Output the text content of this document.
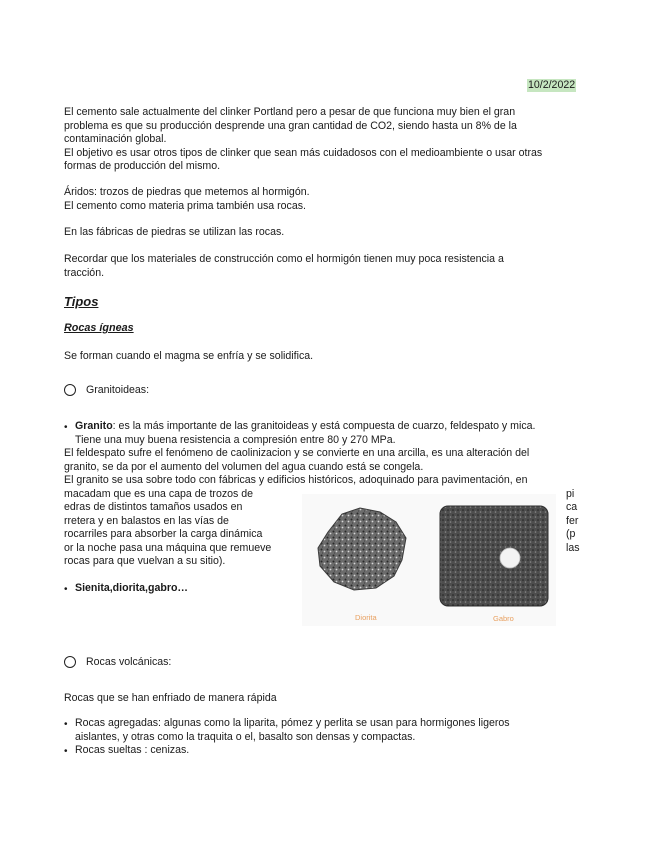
10/2/2022

El cemento sale actualmente del clinker Portland pero a pesar de que funciona muy bien el gran

problema es que su producción desprende una gran cantidad de CO2, siendo hasta un 8% de la

contaminación global.

El objetivo es usar otros tipos de clinker que sean más cuidadosos con el medioambiente o usar otras

formas de producción del mismo.

Áridos: trozos de piedras que metemos al hormigón.

El cemento como materia prima también usa rocas.

En las fábricas de piedras se utilizan las rocas.

Recordar que los materiales de construcción como el hormigón tienen muy poca resistencia a

tracción.

Tipos
Rocas ígneas

Se forman cuando el magma se enfría y se solidifica.

Granitoideas:

• Granito: es la más importante de las granitoideas y está compuesta de cuarzo, feldespato y mica.

Tiene una muy buena resistencia a compresión entre 80 y 270 MPa.

El feldespato sufre el fenómeno de caolinizacion y se convierte en una arcilla, es una alteración del

granito, se da por el aumento del volumen del agua cuando está se congela.

El granito se usa sobre todo con fábricas y edificios históricos, adoquinado para pavimentación, en

macadam que es una capa de trozos de

edras de distintos tamaños usados en

rretera y en balastos en las vías de

rocarriles para absorber la carga dinámica

or la noche pasa una máquina que remueve

rocas para que vuelvan a su sitio).

pi
ca
fer
(p
las
Diorita	Gabro
• Sienita,diorita,gabro…

Rocas volcánicas:

Rocas que se han enfriado de manera rápida

• Rocas agregadas: algunas como la liparita, pómez y perlita se usan para hormigones ligeros

aislantes, y otras como la traquita o el, basalto son densas y compactas.

• Rocas sueltas : cenizas.
